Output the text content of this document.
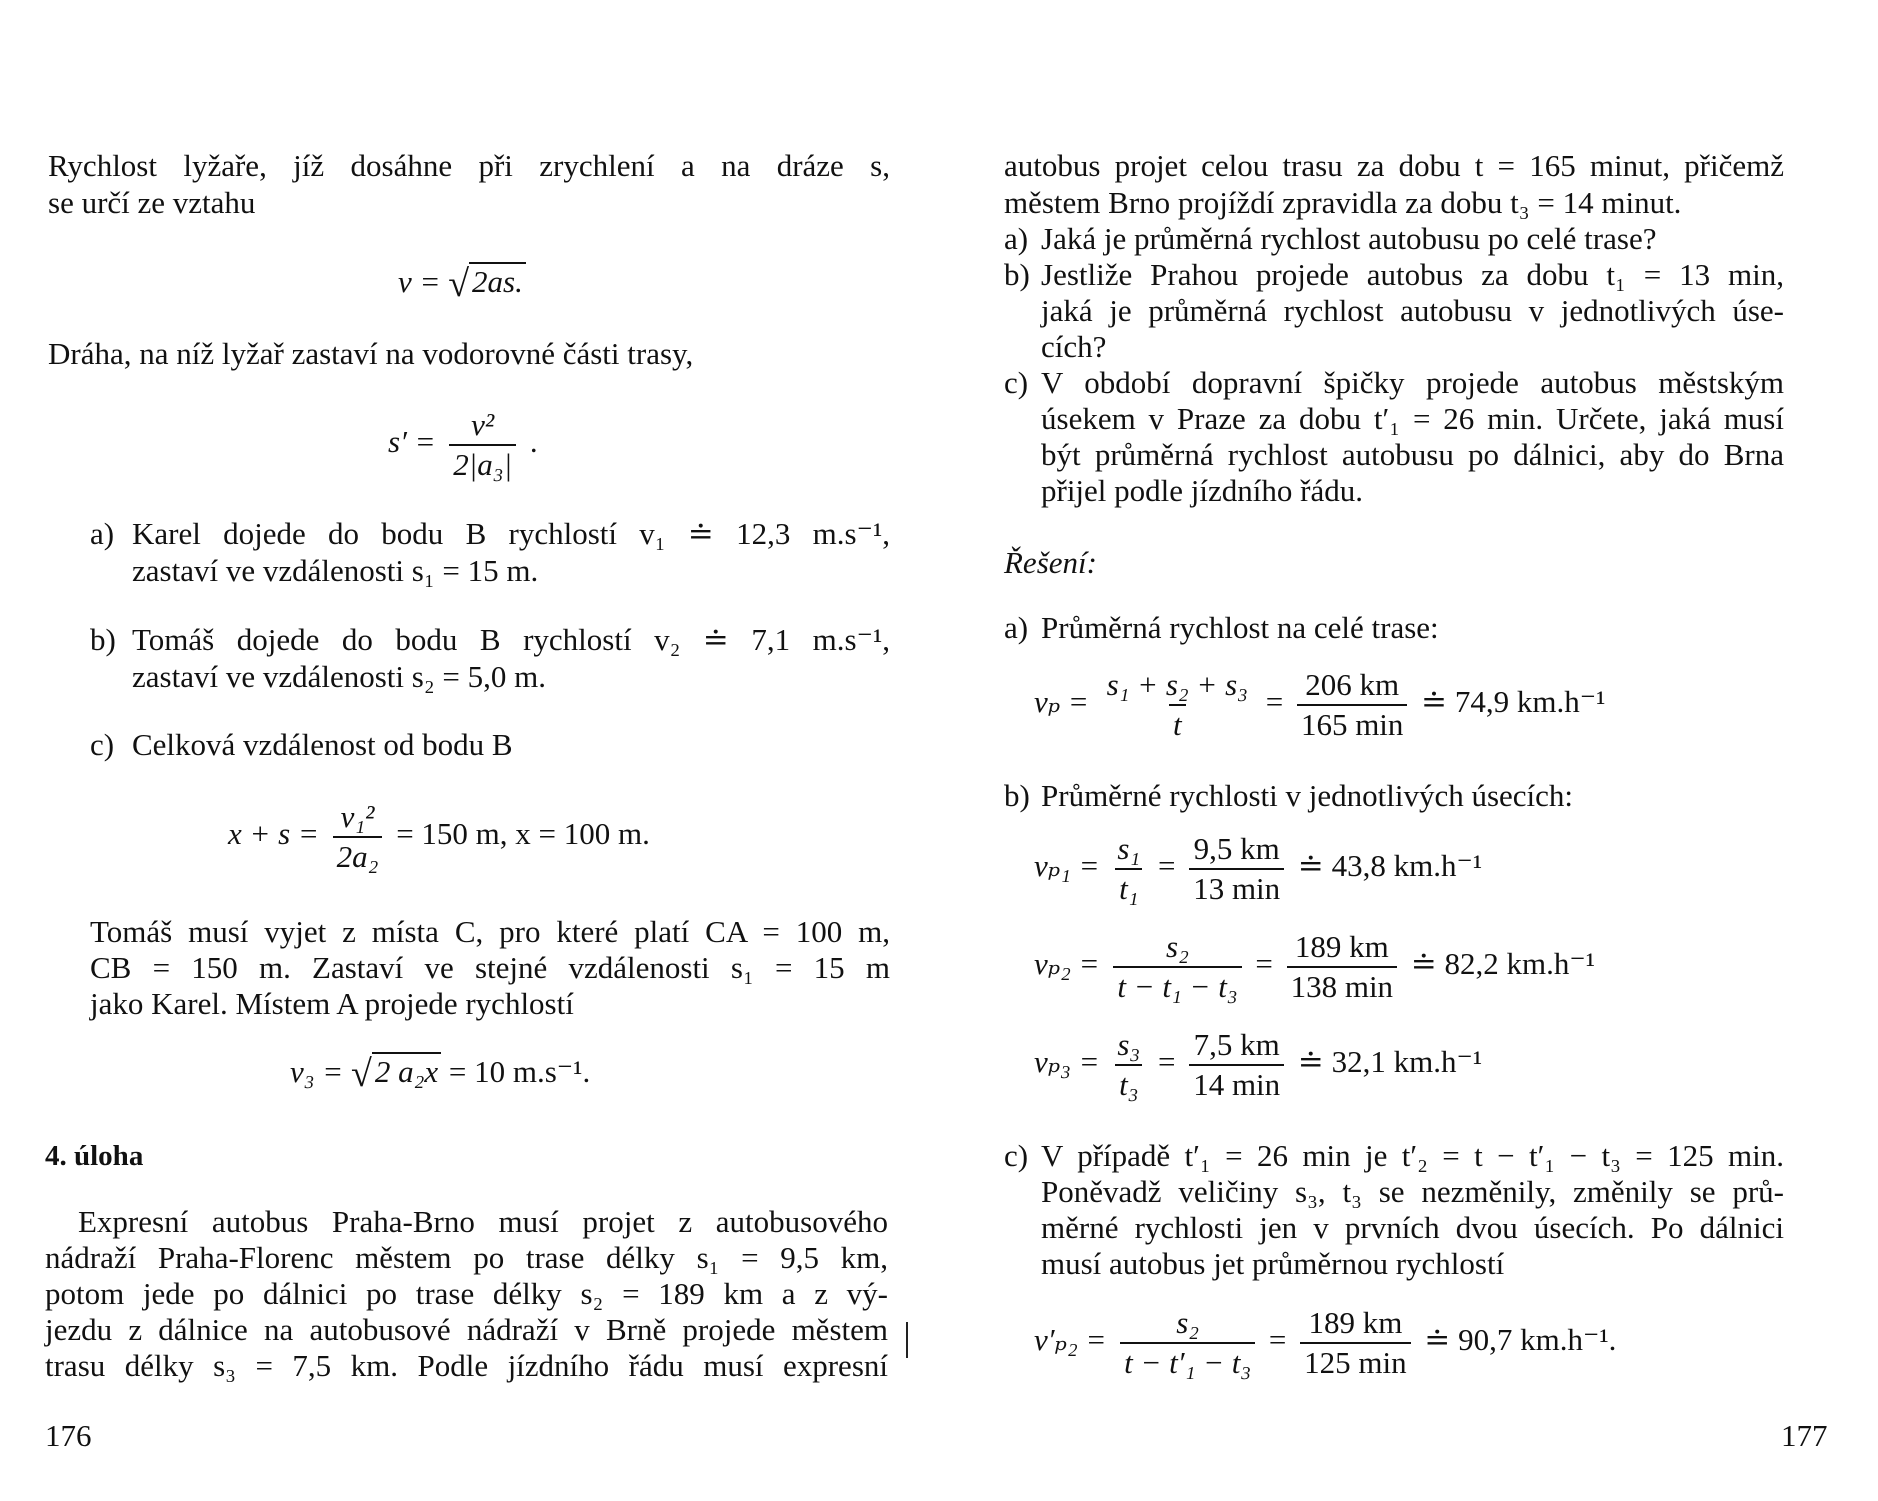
Rychlost lyžaře, jíž dosáhne při zrychlení a na dráze s,
se určí ze vztahu
v = √2as.
Dráha, na níž lyžař zastaví na vodorovné části trasy,
$s' = \frac{\text{v²}}{\text{2|a₃|}}$ .
a) Karel dojede do bodu B rychlostí v₁ ≐ 12,3 m.s⁻¹,
zastaví ve vzdálenosti s₁ = 15 m.
b) Tomáš dojede do bodu B rychlostí v₂ ≐ 7,1 m.s⁻¹,
zastaví ve vzdálenosti s₂ = 5,0 m.
c) Celková vzdálenost od bodu B
$x + s = \frac{\text{v₁²}}{\text{2a₂}} = 150$ m, x = 100 m.
Tomáš musí vyjet z místa C, pro které platí CA = 100 m,
CB = 150 m. Zastaví ve stejné vzdálenosti s₁ = 15 m
jako Karel. Místem A projede rychlostí
v₃ = √2 a₂x = 10 m.s⁻¹.
4. úloha
Expresní autobus Praha-Brno musí projet z autobusového
nádraží Praha-Florenc městem po trase délky s₁ = 9,5 km,
potom jede po dálnici po trase délky s₂ = 189 km a z vý-
jezdu z dálnice na autobusové nádraží v Brně projede městem
trasu délky s₃ = 7,5 km. Podle jízdního řádu musí expresní
176
autobus projet celou trasu za dobu t = 165 minut, přičemž
městem Brno projíždí zpravidla za dobu t₃ = 14 minut.
a) Jaká je průměrná rychlost autobusu po celé trase?
b) Jestliže Prahou projede autobus za dobu t₁ = 13 min,
jaká je průměrná rychlost autobusu v jednotlivých úse-
cích?
c) V období dopravní špičky projede autobus městským
úsekem v Praze za dobu t′₁ = 26 min. Určete, jaká musí
být průměrná rychlost autobusu po dálnici, aby do Brna
přijel podle jízdního řádu.
Řešení:
a) Průměrná rychlost na celé trase:
$v_p = \frac{\text{s₁ + s₂ + s₃}}{t} = \frac{206 km}{165 \min}$ ≐ 74,9 km.h⁻¹
b) Průměrné rychlosti v jednotlivých úsecích:
$v_{p1} = \frac{\text{s₁}}{\text{t₁}} = \frac{9,5 km}{13 \min}$ ≐ 43,8 km.h⁻¹
$v_{p2} = \frac{\text{s₂}}{\text{t − t₁ − t₃}} = \frac{189 km}{138 \min}$ ≐ 82,2 km.h⁻¹
$v_{p3} = \frac{\text{s₃}}{\text{t₃}} = \frac{7,5 km}{14 \min}$ ≐ 32,1 km.h⁻¹
c) V případě t′₁ = 26 min je t′₂ = t − t′₁ − t₃ = 125 min.
Poněvadž veličiny s₃, t₃ se nezměnily, změnily se prů-
měrné rychlosti jen v prvních dvou úsecích. Po dálnici
musí autobus jet průměrnou rychlostí
$v'_{p2} = \frac{\text{s₂}}{\text{t − t′₁ − t₃}} = \frac{189 km}{125 \min}$ ≐ 90,7 km.h⁻¹.
177
